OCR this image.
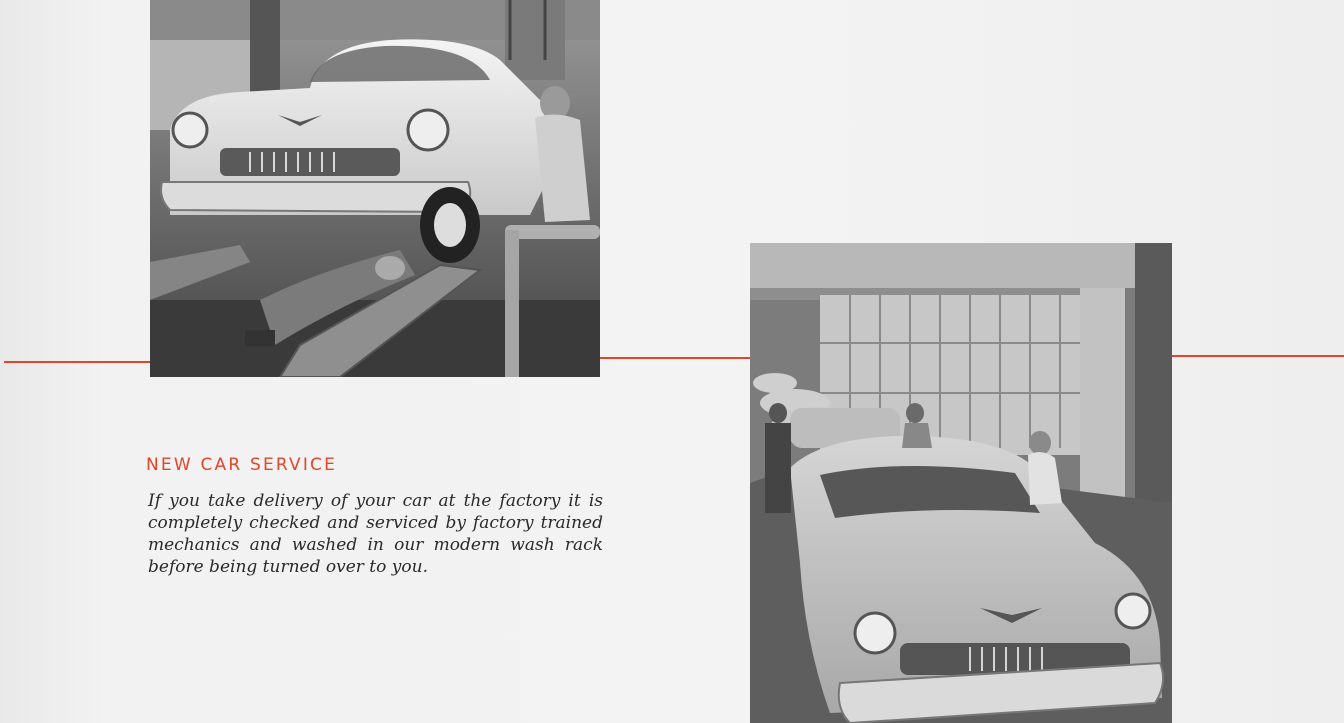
NEW CAR SERVICE

If you take delivery of your car at the factory it is completely checked and serviced by factory trained mechanics and washed in our modern wash rack before being turned over to you.
